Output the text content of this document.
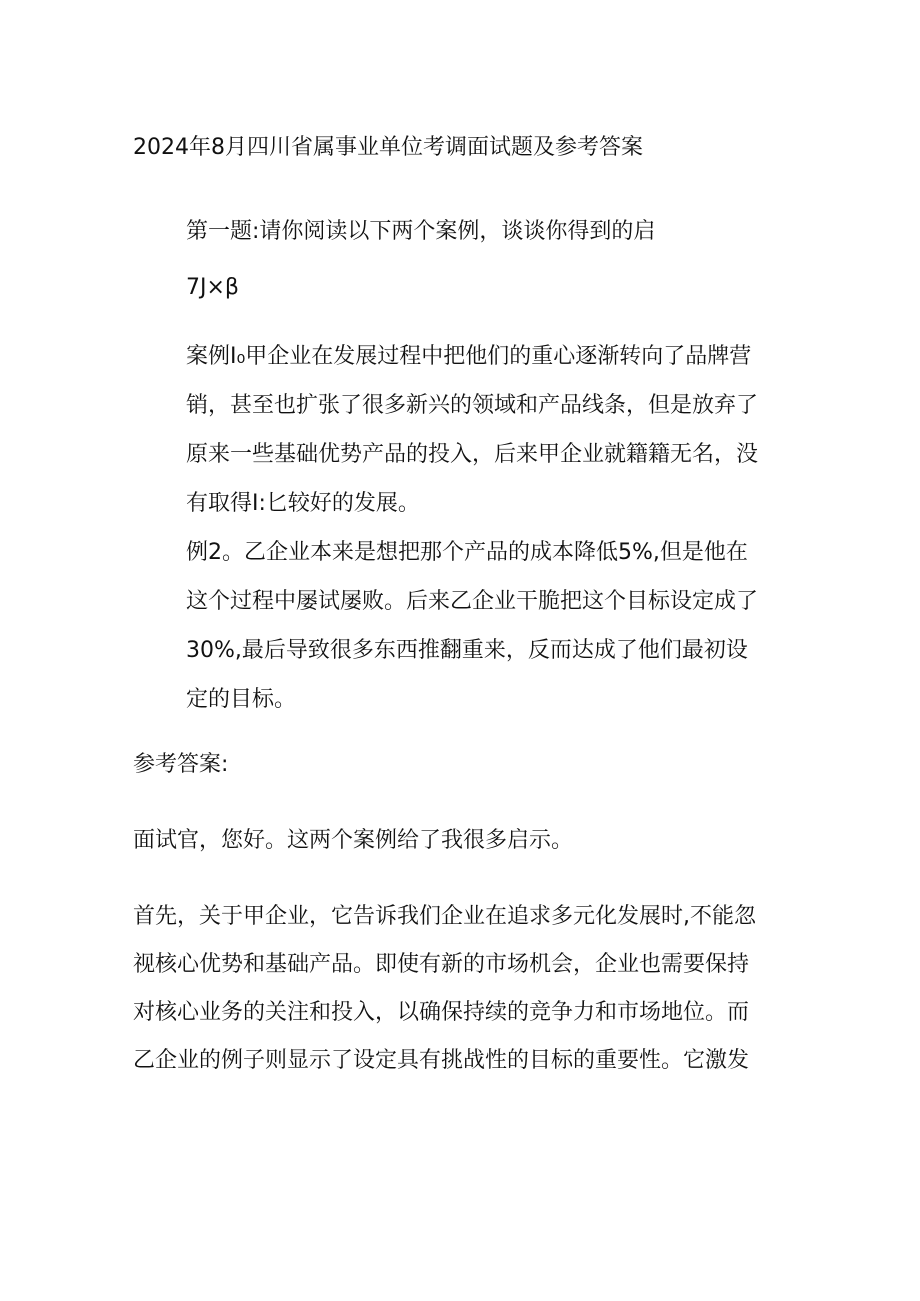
2024年8月四川省属事业单位考调面试题及参考答案
第一题:请你阅读以下两个案例，谈谈你得到的启
7J×β
案例I₀甲企业在发展过程中把他们的重心逐渐转向了品牌营
销，甚至也扩张了很多新兴的领域和产品线条，但是放弃了
原来一些基础优势产品的投入，后来甲企业就籍籍无名，没
有取得I:匕较好的发展。
例2。乙企业本来是想把那个产品的成本降低5%,但是他在
这个过程中屡试屡败。后来乙企业干脆把这个目标设定成了
30%,最后导致很多东西推翻重来，反而达成了他们最初设
定的目标。
参考答案:
面试官，您好。这两个案例给了我很多启示。
首先，关于甲企业，它告诉我们企业在追求多元化发展时,不能忽
视核心优势和基础产品。即使有新的市场机会，企业也需要保持
对核心业务的关注和投入，以确保持续的竞争力和市场地位。而
乙企业的例子则显示了设定具有挑战性的目标的重要性。它激发
